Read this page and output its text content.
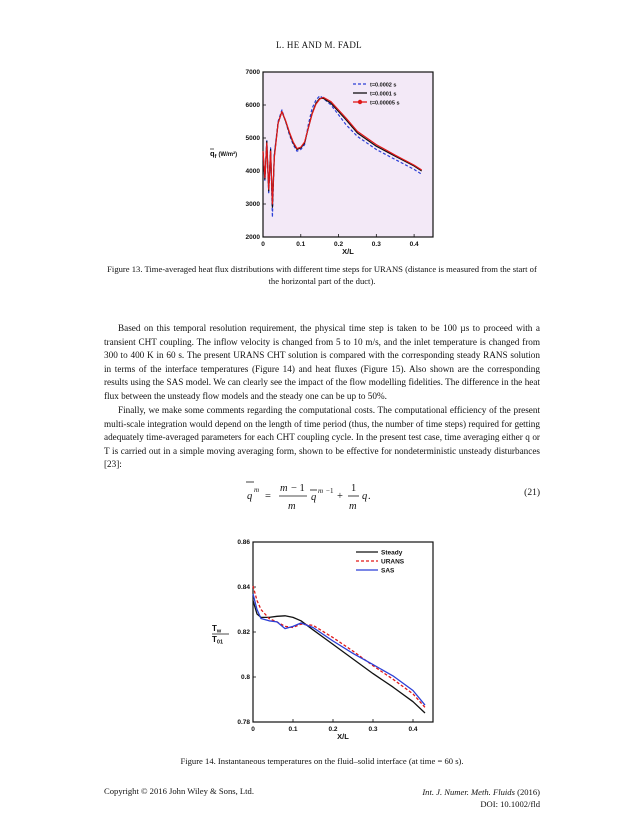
L. HE AND M. FADL
0	0.1	0.2	0.3	0.4
2000
3000
4000
5000
6000
7000
X/L
t=0.0002 s
t=0.0001 s
t=0.00005 s
$q_f$ $^{(W/m^2)}$
Figure 13. Time-averaged heat flux distributions with different time steps for URANS (distance is measured from the start of the horizontal part of the duct).
Based on this temporal resolution requirement, the physical time step is taken to be 100 µs to proceed with a transient CHT coupling. The inflow velocity is changed from 5 to 10 m/s, and the inlet temperature is changed from 300 to 400 K in 60 s. The present URANS CHT solution is compared with the corresponding steady RANS solution in terms of the interface temperatures (Figure 14) and heat fluxes (Figure 15). Also shown are the corresponding results using the SAS model. We can clearly see the impact of the flow modelling fidelities. The difference in the heat flux between the unsteady flow models and the steady one can be up to 50%.
Finally, we make some comments regarding the computational costs. The computational efficiency of the present multi-scale integration would depend on the length of time period (thus, the number of time steps) required for getting adequately time-averaged parameters for each CHT coupling cycle. In the present test case, time averaging either q or T is carried out in a simple moving averaging form, shown to be effective for nondeterministic unsteady disturbances [23]:
q
m
=
m − 1
m
q
m −1 +
1
m
q .	(21)
0	0.1	0.2	0.3	0.4
0.78
0.8
0.82
0.84
0.86
X/L
Steady
URANS
SAS
Tw
T01
Figure 14. Instantaneous temperatures on the fluid–solid interface (at time = 60 s).
Copyright © 2016 John Wiley & Sons, Ltd.	Int. J. Numer. Meth. Fluids (2016)
DOI: 10.1002/fld
